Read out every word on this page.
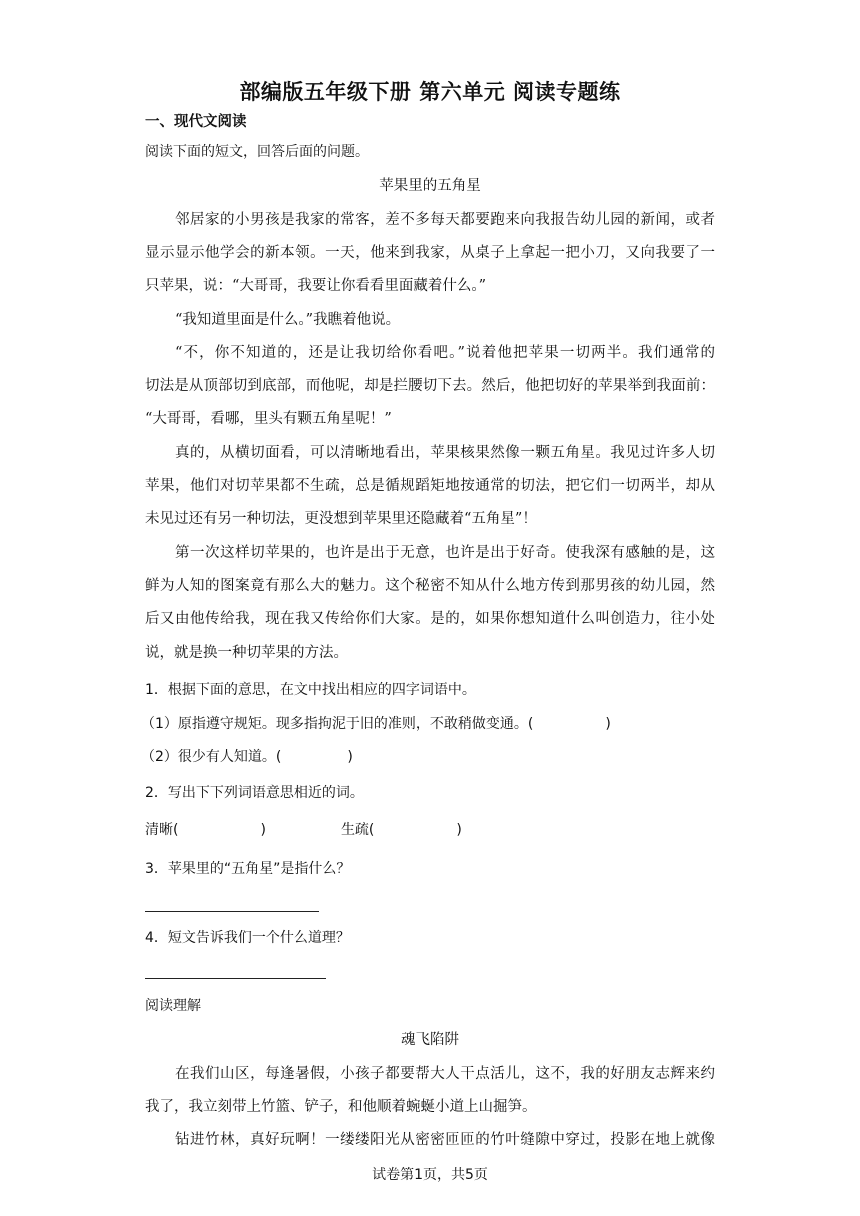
部编版五年级下册 第六单元 阅读专题练
一、现代文阅读
阅读下面的短文，回答后面的问题。
苹果里的五角星
邻居家的小男孩是我家的常客，差不多每天都要跑来向我报告幼儿园的新闻，或者
显示显示他学会的新本领。一天，他来到我家，从桌子上拿起一把小刀，又向我要了一
只苹果，说：“大哥哥，我要让你看看里面藏着什么。”
“我知道里面是什么。”我瞧着他说。
“不，你不知道的，还是让我切给你看吧。”说着他把苹果一切两半。我们通常的
切法是从顶部切到底部，而他呢，却是拦腰切下去。然后，他把切好的苹果举到我面前：
“大哥哥，看哪，里头有颗五角星呢！”
真的，从横切面看，可以清晰地看出，苹果核果然像一颗五角星。我见过许多人切
苹果，他们对切苹果都不生疏，总是循规蹈矩地按通常的切法，把它们一切两半，却从
未见过还有另一种切法，更没想到苹果里还隐藏着“五角星”！
第一次这样切苹果的，也许是出于无意，也许是出于好奇。使我深有感触的是，这
鲜为人知的图案竟有那么大的魅力。这个秘密不知从什么地方传到那男孩的幼儿园，然
后又由他传给我，现在我又传给你们大家。是的，如果你想知道什么叫创造力，往小处
说，就是换一种切苹果的方法。
1．根据下面的意思，在文中找出相应的四字词语中。
（1）原指遵守规矩。现多指拘泥于旧的准则，不敢稍做变通。(	)
（2）很少有人知道。(	)
2．写出下下列词语意思相近的词。
清晰(	)	生疏(	)
3．苹果里的“五角星”是指什么？
4．短文告诉我们一个什么道理？
阅读理解
魂飞陷阱
在我们山区，每逢暑假，小孩子都要帮大人干点活儿，这不，我的好朋友志辉来约
我了，我立刻带上竹篮、铲子，和他顺着蜿蜒小道上山掘笋。
钻进竹林，真好玩啊！一缕缕阳光从密密匝匝的竹叶缝隙中穿过，投影在地上就像
试卷第1页，共5页
